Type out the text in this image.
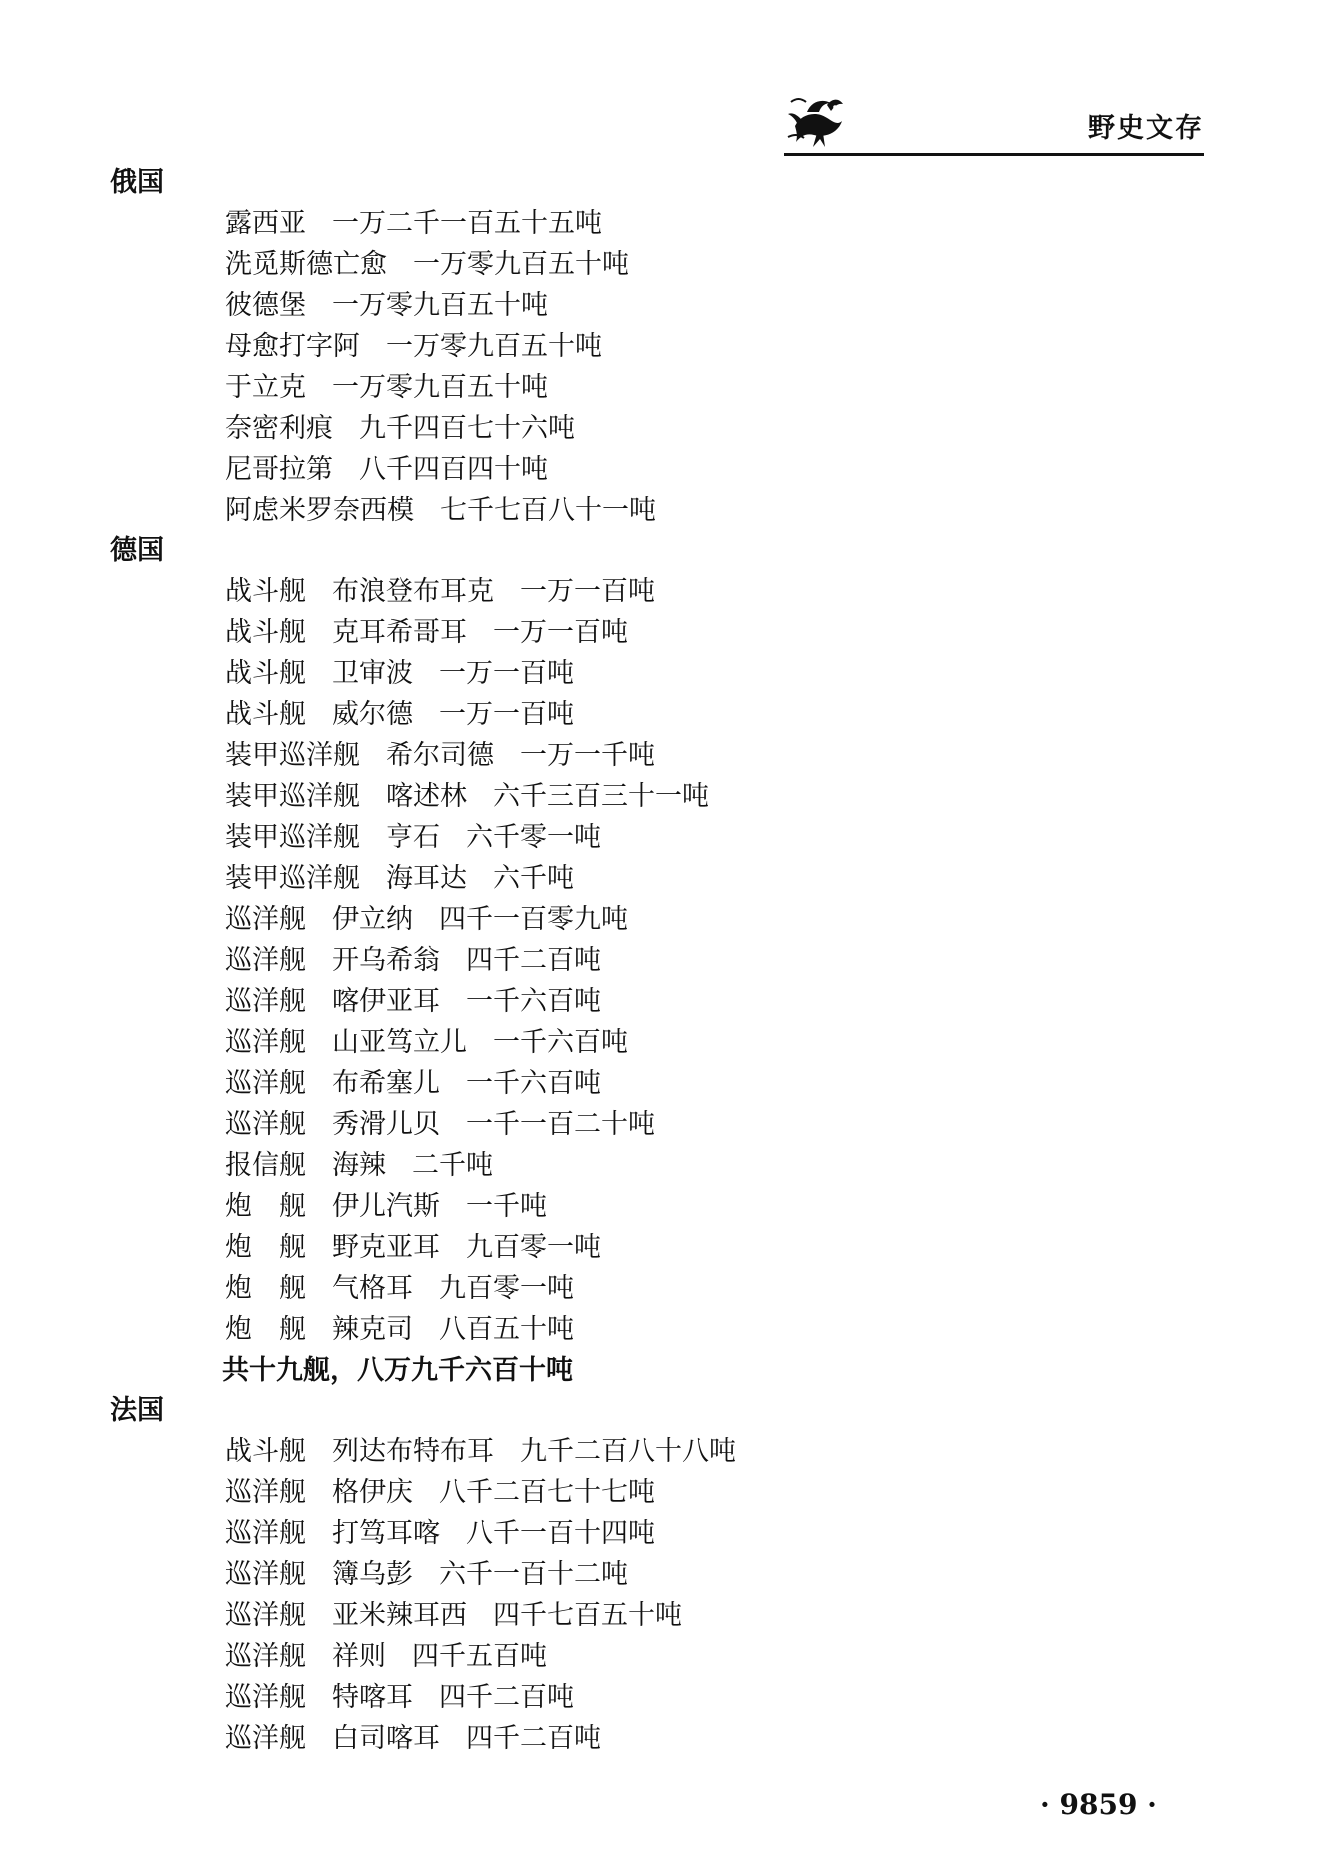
野史文存
俄国
露西亚 一万二千一百五十五吨
洗觅斯德亡愈 一万零九百五十吨
彼德堡 一万零九百五十吨
母愈打字阿 一万零九百五十吨
于立克 一万零九百五十吨
奈密利痕 九千四百七十六吨
尼哥拉第 八千四百四十吨
阿虑米罗奈西模 七千七百八十一吨
德国
战斗舰 布浪登布耳克 一万一百吨
战斗舰 克耳希哥耳 一万一百吨
战斗舰 卫审波 一万一百吨
战斗舰 威尔德 一万一百吨
装甲巡洋舰 希尔司德 一万一千吨
装甲巡洋舰 喀述林 六千三百三十一吨
装甲巡洋舰 亨石 六千零一吨
装甲巡洋舰 海耳达 六千吨
巡洋舰 伊立纳 四千一百零九吨
巡洋舰 开乌希翁 四千二百吨
巡洋舰 喀伊亚耳 一千六百吨
巡洋舰 山亚笃立儿 一千六百吨
巡洋舰 布希塞儿 一千六百吨
巡洋舰 秀滑儿贝 一千一百二十吨
报信舰 海辣 二千吨
炮　舰 伊儿汽斯 一千吨
炮　舰 野克亚耳 九百零一吨
炮　舰 气格耳 九百零一吨
炮　舰 辣克司 八百五十吨
共十九舰，八万九千六百十吨
法国
战斗舰 列达布特布耳 九千二百八十八吨
巡洋舰 格伊庆 八千二百七十七吨
巡洋舰 打笃耳喀 八千一百十四吨
巡洋舰 簿乌彭 六千一百十二吨
巡洋舰 亚米辣耳西 四千七百五十吨
巡洋舰 祥则 四千五百吨
巡洋舰 特喀耳 四千二百吨
巡洋舰 白司喀耳 四千二百吨
· 9859 ·
